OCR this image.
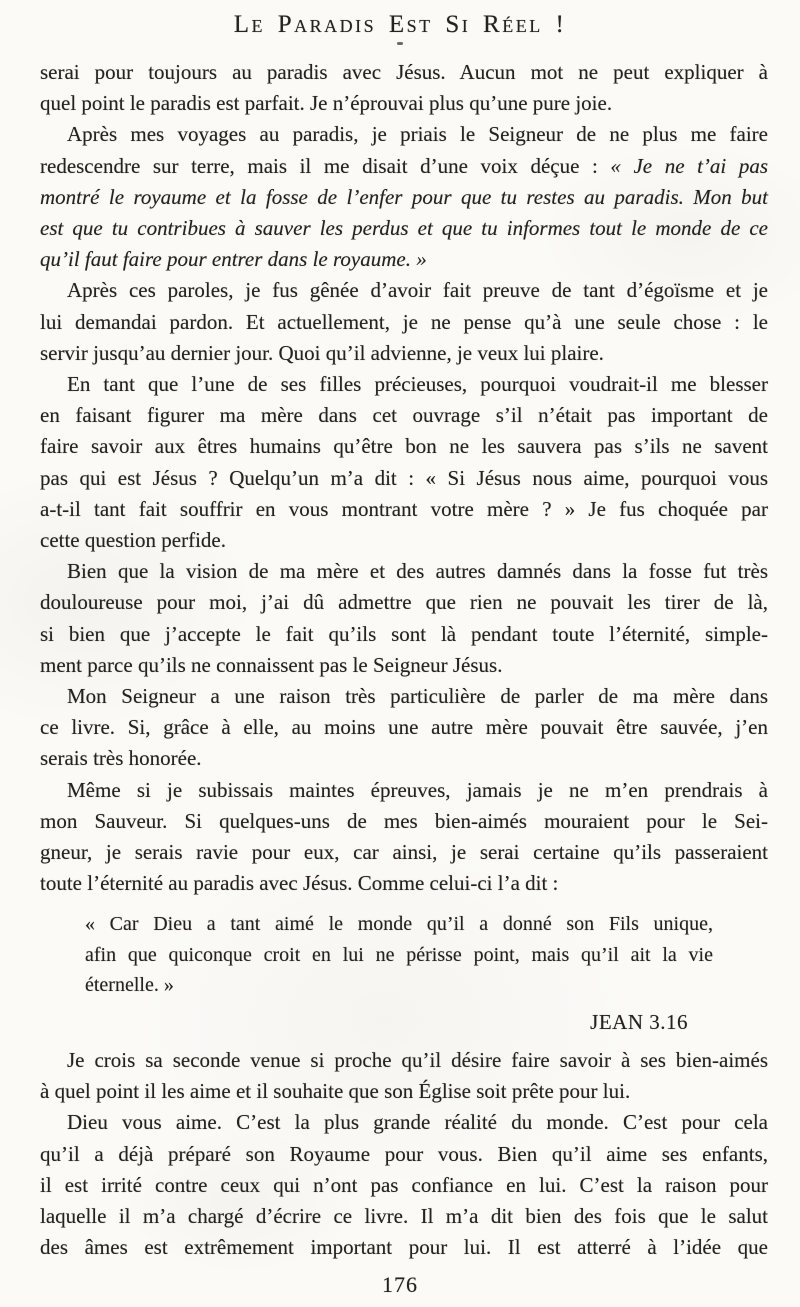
Le Paradis Est Si Réel !
serai pour toujours au paradis avec Jésus. Aucun mot ne peut expliquer à
quel point le paradis est parfait. Je n’éprouvai plus qu’une pure joie.
Après mes voyages au paradis, je priais le Seigneur de ne plus me faire
redescendre sur terre, mais il me disait d’une voix déçue : « Je ne t’ai pas
montré le royaume et la fosse de l’enfer pour que tu restes au paradis. Mon but
est que tu contribues à sauver les perdus et que tu informes tout le monde de ce
qu’il faut faire pour entrer dans le royaume. »
Après ces paroles, je fus gênée d’avoir fait preuve de tant d’égoïsme et je
lui demandai pardon. Et actuellement, je ne pense qu’à une seule chose : le
servir jusqu’au dernier jour. Quoi qu’il advienne, je veux lui plaire.
En tant que l’une de ses filles précieuses, pourquoi voudrait-il me blesser
en faisant figurer ma mère dans cet ouvrage s’il n’était pas important de
faire savoir aux êtres humains qu’être bon ne les sauvera pas s’ils ne savent
pas qui est Jésus ? Quelqu’un m’a dit : « Si Jésus nous aime, pourquoi vous
a-t-il tant fait souffrir en vous montrant votre mère ? » Je fus choquée par
cette question perfide.
Bien que la vision de ma mère et des autres damnés dans la fosse fut très
douloureuse pour moi, j’ai dû admettre que rien ne pouvait les tirer de là,
si bien que j’accepte le fait qu’ils sont là pendant toute l’éternité, simple-
ment parce qu’ils ne connaissent pas le Seigneur Jésus.
Mon Seigneur a une raison très particulière de parler de ma mère dans
ce livre. Si, grâce à elle, au moins une autre mère pouvait être sauvée, j’en
serais très honorée.
Même si je subissais maintes épreuves, jamais je ne m’en prendrais à
mon Sauveur. Si quelques-uns de mes bien-aimés mouraient pour le Sei-
gneur, je serais ravie pour eux, car ainsi, je serai certaine qu’ils passeraient
toute l’éternité au paradis avec Jésus. Comme celui-ci l’a dit :
« Car Dieu a tant aimé le monde qu’il a donné son Fils unique,
afin que quiconque croit en lui ne périsse point, mais qu’il ait la vie
éternelle. »
JEAN 3.16
Je crois sa seconde venue si proche qu’il désire faire savoir à ses bien-aimés
à quel point il les aime et il souhaite que son Église soit prête pour lui.
Dieu vous aime. C’est la plus grande réalité du monde. C’est pour cela
qu’il a déjà préparé son Royaume pour vous. Bien qu’il aime ses enfants,
il est irrité contre ceux qui n’ont pas confiance en lui. C’est la raison pour
laquelle il m’a chargé d’écrire ce livre. Il m’a dit bien des fois que le salut
des âmes est extrêmement important pour lui. Il est atterré à l’idée que
176
